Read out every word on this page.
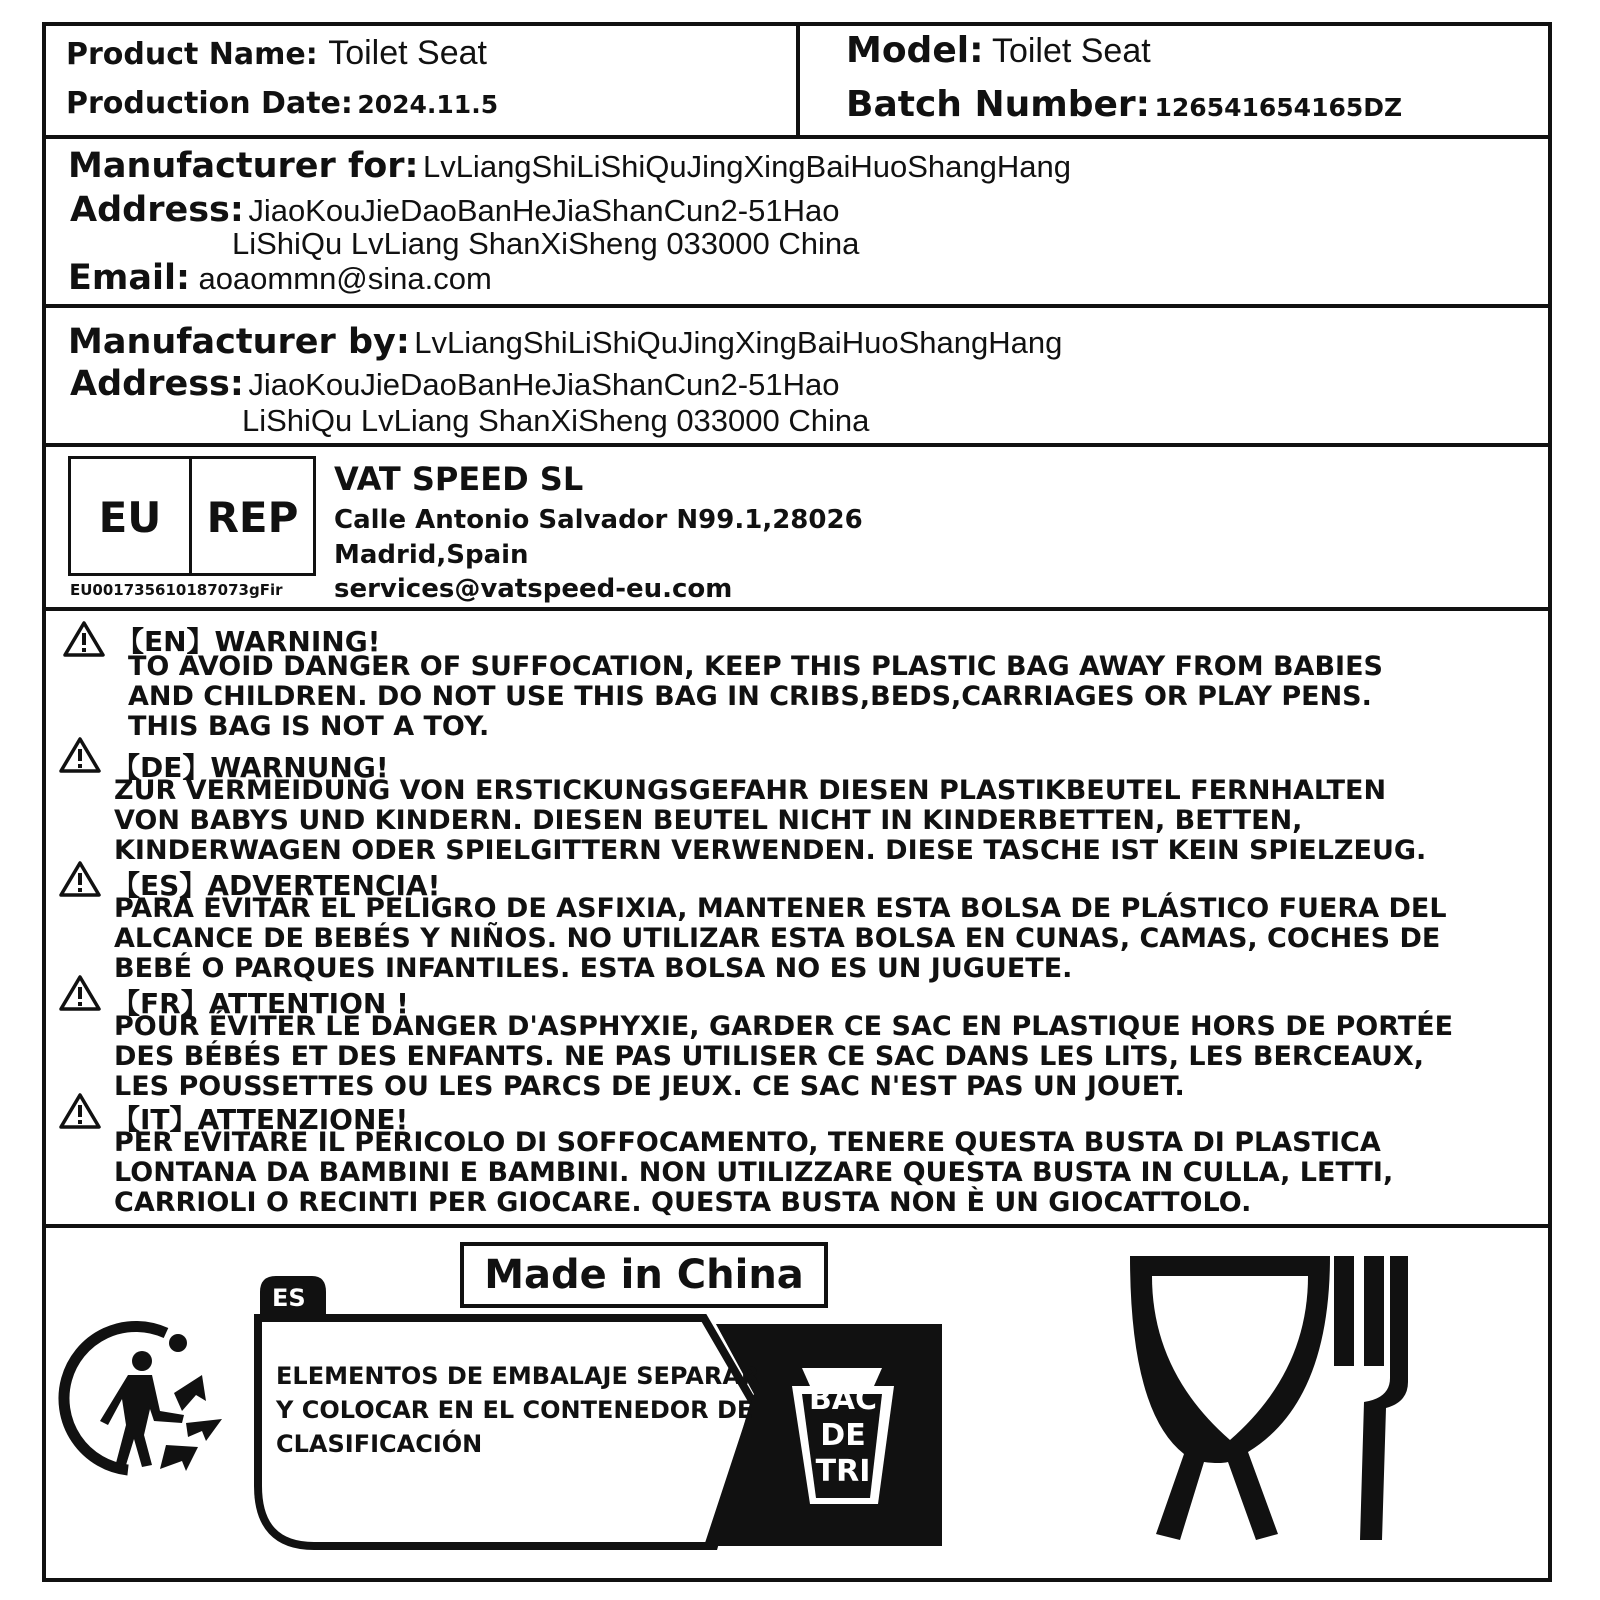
Product Name: Toilet Seat
Production Date: 2024.11.5
Model: Toilet Seat
Batch Number: 126541654165DZ
Manufacturer for: LvLiangShiLiShiQuJingXingBaiHuoShangHang
Address: JiaoKouJieDaoBanHeJiaShanCun2-51Hao
LiShiQu LvLiang ShanXiSheng 033000 China
Email: aoaommn@sina.com
Manufacturer by: LvLiangShiLiShiQuJingXingBaiHuoShangHang
Address: JiaoKouJieDaoBanHeJiaShanCun2-51Hao
LiShiQu LvLiang ShanXiSheng 033000 China
EU	REP
EU001735610187073gFir
VAT SPEED SL
Calle Antonio Salvador N99.1,28026
Madrid,Spain
services@vatspeed-eu.com
【EN】WARNING!
TO AVOID DANGER OF SUFFOCATION, KEEP THIS PLASTIC BAG AWAY FROM BABIES
AND CHILDREN. DO NOT USE THIS BAG IN CRIBS,BEDS,CARRIAGES OR PLAY PENS.
THIS BAG IS NOT A TOY.
【DE】WARNUNG!
ZUR VERMEIDUNG VON ERSTICKUNGSGEFAHR DIESEN PLASTIKBEUTEL FERNHALTEN
VON BABYS UND KINDERN. DIESEN BEUTEL NICHT IN KINDERBETTEN, BETTEN,
KINDERWAGEN ODER SPIELGITTERN VERWENDEN. DIESE TASCHE IST KEIN SPIELZEUG.
【ES】ADVERTENCIA!
PARA EVITAR EL PELIGRO DE ASFIXIA, MANTENER ESTA BOLSA DE PLÁSTICO FUERA DEL
ALCANCE DE BEBÉS Y NIÑOS. NO UTILIZAR ESTA BOLSA EN CUNAS, CAMAS, COCHES DE
BEBÉ O PARQUES INFANTILES. ESTA BOLSA NO ES UN JUGUETE.
【FR】ATTENTION !
POUR ÉVITER LE DANGER D'ASPHYXIE, GARDER CE SAC EN PLASTIQUE HORS DE PORTÉE
DES BÉBÉS ET DES ENFANTS. NE PAS UTILISER CE SAC DANS LES LITS, LES BERCEAUX,
LES POUSSETTES OU LES PARCS DE JEUX. CE SAC N'EST PAS UN JOUET.
【IT】ATTENZIONE!
PER EVITARE IL PERICOLO DI SOFFOCAMENTO, TENERE QUESTA BUSTA DI PLASTICA
LONTANA DA BAMBINI E BAMBINI. NON UTILIZZARE QUESTA BUSTA IN CULLA, LETTI,
CARRIOLI O RECINTI PER GIOCARE. QUESTA BUSTA NON È UN GIOCATTOLO.
Made in China
ES
ELEMENTOS DE EMBALAJE SEPARAR
Y COLOCAR EN EL CONTENEDOR DE
CLASIFICACIÓN
BAC
DE
TRI
